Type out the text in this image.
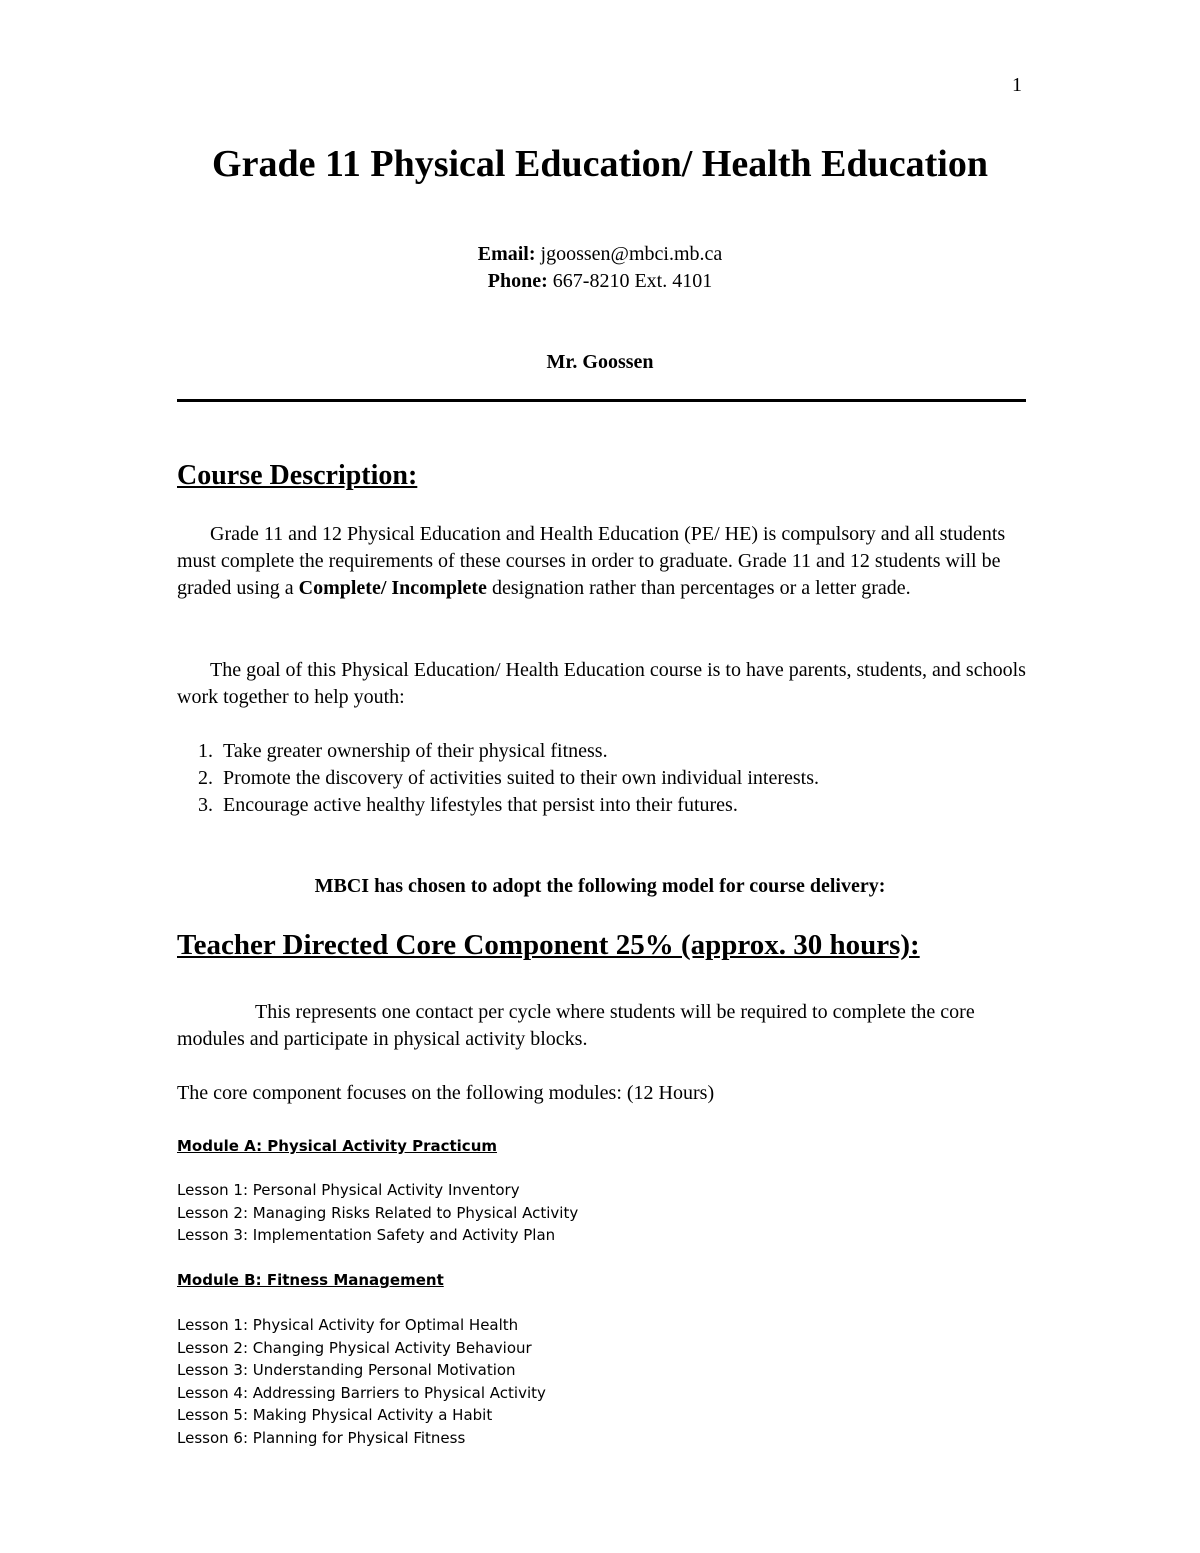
1
Grade 11 Physical Education/ Health Education
Email: jgoossen@mbci.mb.ca
Phone: 667-8210 Ext. 4101
Mr. Goossen
Course Description:

Grade 11 and 12 Physical Education and Health Education (PE/ HE) is compulsory and all students must complete the requirements of these courses in order to graduate. Grade 11 and 12 students will be graded using a Complete/ Incomplete designation rather than percentages or a letter grade.

The goal of this Physical Education/ Health Education course is to have parents, students, and schools work together to help youth:

1. Take greater ownership of their physical fitness.
2. Promote the discovery of activities suited to their own individual interests.
3. Encourage active healthy lifestyles that persist into their futures.
MBCI has chosen to adopt the following model for course delivery:
Teacher Directed Core Component 25% (approx. 30 hours):

This represents one contact per cycle where students will be required to complete the core modules and participate in physical activity blocks.

The core component focuses on the following modules: (12 Hours)

Module A: Physical Activity Practicum
Lesson 1: Personal Physical Activity Inventory
Lesson 2: Managing Risks Related to Physical Activity
Lesson 3: Implementation Safety and Activity Plan
Module B: Fitness Management
Lesson 1: Physical Activity for Optimal Health
Lesson 2: Changing Physical Activity Behaviour
Lesson 3: Understanding Personal Motivation
Lesson 4: Addressing Barriers to Physical Activity
Lesson 5: Making Physical Activity a Habit
Lesson 6: Planning for Physical Fitness
